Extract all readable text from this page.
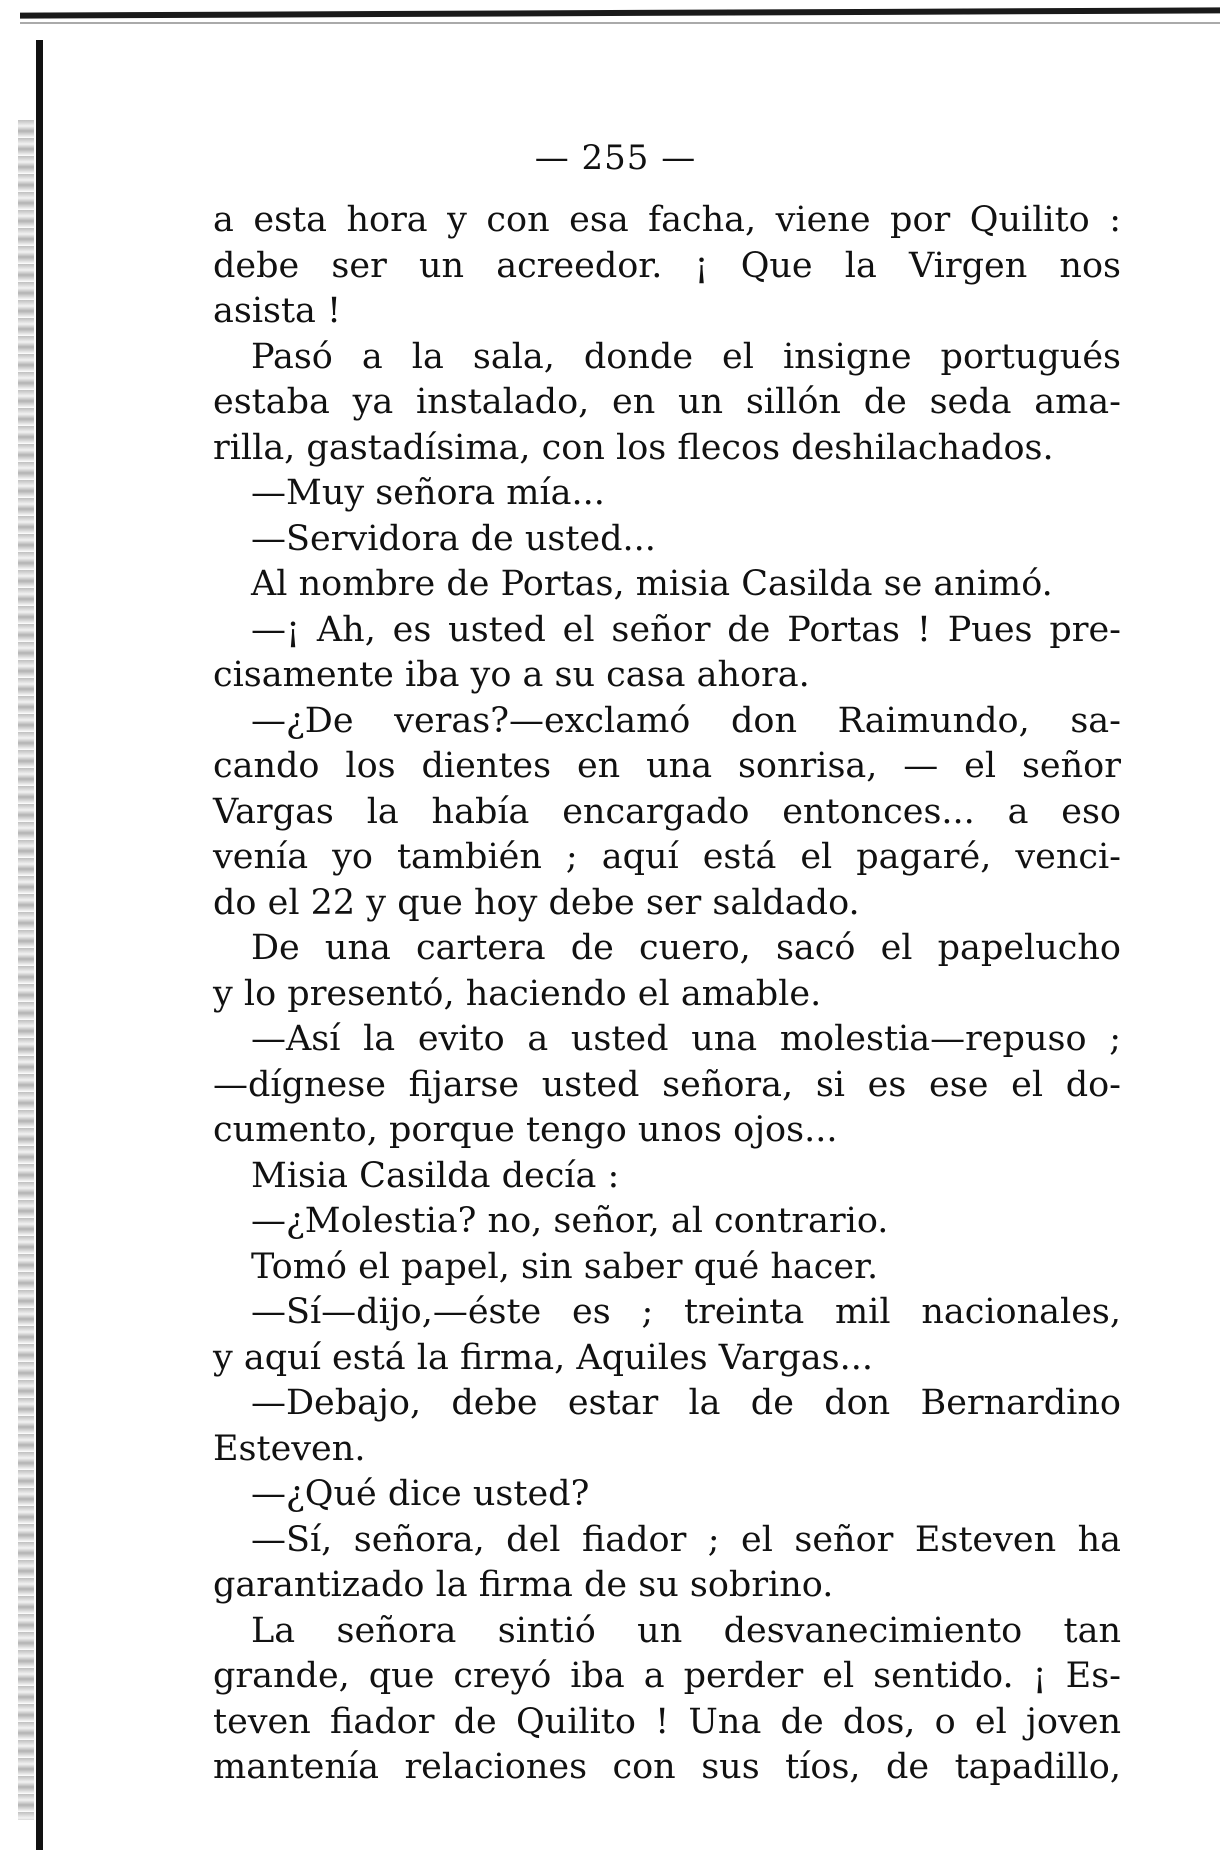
— 255 —
a esta hora y con esa facha, viene por Quilito :
debe ser un acreedor. ¡ Que la Virgen nos
asista !
Pasó a la sala, donde el insigne portugués
estaba ya instalado, en un sillón de seda ama-
rilla, gastadísima, con los flecos deshilachados.
—Muy señora mía...
—Servidora de usted...
Al nombre de Portas, misia Casilda se animó.
—¡ Ah, es usted el señor de Portas ! Pues pre-
cisamente iba yo a su casa ahora.
—¿De veras?—exclamó don Raimundo, sa-
cando los dientes en una sonrisa, — el señor
Vargas la había encargado entonces... a eso
venía yo también ; aquí está el pagaré, venci-
do el 22 y que hoy debe ser saldado.
De una cartera de cuero, sacó el papelucho
y lo presentó, haciendo el amable.
—Así la evito a usted una molestia—repuso ;
—dígnese fijarse usted señora, si es ese el do-
cumento, porque tengo unos ojos...
Misia Casilda decía :
—¿Molestia? no, señor, al contrario.
Tomó el papel, sin saber qué hacer.
—Sí—dijo,—éste es ; treinta mil nacionales,
y aquí está la firma, Aquiles Vargas...
—Debajo, debe estar la de don Bernardino
Esteven.
—¿Qué dice usted?
—Sí, señora, del fiador ; el señor Esteven ha
garantizado la firma de su sobrino.
La señora sintió un desvanecimiento tan
grande, que creyó iba a perder el sentido. ¡ Es-
teven fiador de Quilito ! Una de dos, o el joven
mantenía relaciones con sus tíos, de tapadillo,
